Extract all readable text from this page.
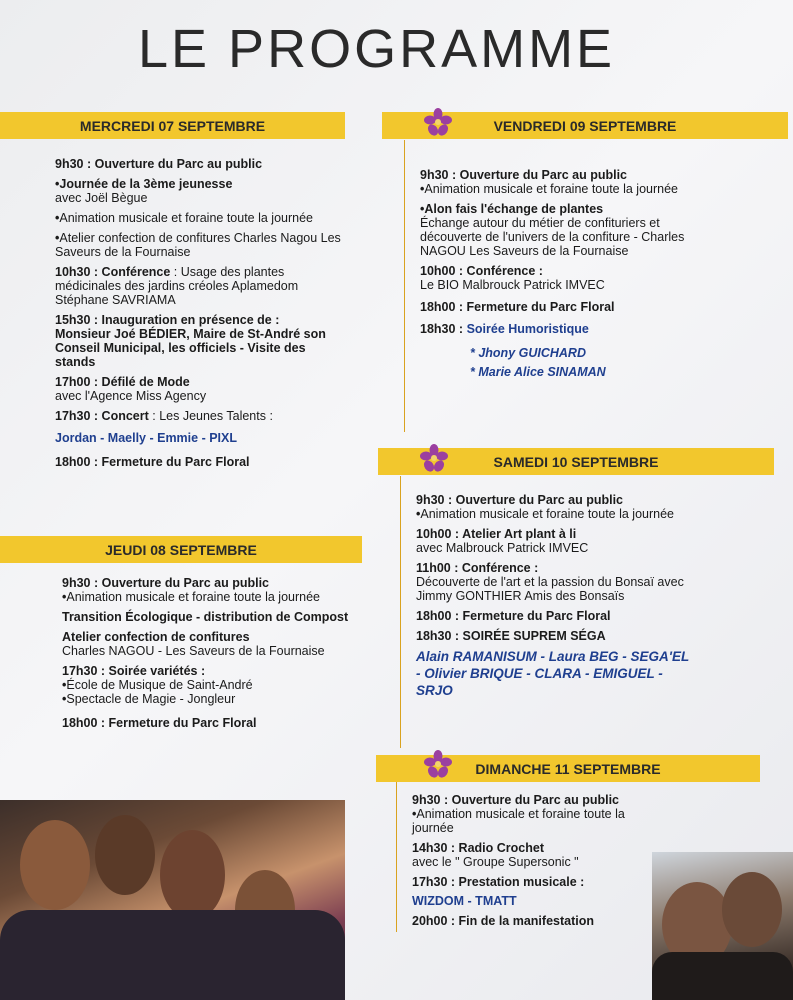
LE PROGRAMME
MERCREDI 07 SEPTEMBRE
9h30 : Ouverture du Parc au public
• Journée de la 3ème jeunesse
avec Joël Bègue
• Animation musicale et foraine toute la journée
• Atelier confection de confitures Charles Nagou Les Saveurs de la Fournaise
10h30 : Conférence : Usage des plantes médicinales des jardins créoles Aplamedom Stéphane SAVRIAMA
15h30 : Inauguration en présence de :
Monsieur Joé BÉDIER, Maire de St-André son Conseil Municipal, les officiels - Visite des stands
17h00 : Défilé de Mode
avec l'Agence Miss Agency
17h30 : Concert : Les Jeunes Talents :
Jordan - Maelly - Emmie - PIXL
18h00 : Fermeture du Parc Floral
JEUDI 08 SEPTEMBRE
9h30 : Ouverture du Parc au public
• Animation musicale et foraine toute la journée
Transition Écologique - distribution de Compost
Atelier confection de confitures
Charles NAGOU - Les Saveurs de la Fournaise
17h30 : Soirée variétés :
• École de Musique de Saint-André
• Spectacle de Magie - Jongleur
18h00 : Fermeture du Parc Floral
VENDREDI 09 SEPTEMBRE
9h30 : Ouverture du Parc au public
• Animation musicale et foraine toute la journée
• Alon fais l'échange de plantes
Échange autour du métier de confituriers et découverte de l'univers de la confiture - Charles NAGOU Les Saveurs de la Fournaise
10h00 : Conférence :
Le BIO Malbrouck Patrick IMVEC
18h00 : Fermeture du Parc Floral
18h30 : Soirée Humoristique
* Jhony GUICHARD
* Marie Alice SINAMAN
SAMEDI 10 SEPTEMBRE
9h30 : Ouverture du Parc au public
• Animation musicale et foraine toute la journée
10h00 : Atelier Art plant à li
avec Malbrouck Patrick IMVEC
11h00 : Conférence :
Découverte de l'art et la passion du Bonsaï avec Jimmy GONTHIER Amis des Bonsaïs
18h00 : Fermeture du Parc Floral
18h30 : SOIRÉE SUPREM SÉGA
Alain RAMANISUM - Laura BEG - SEGA'EL - Olivier BRIQUE - CLARA - EMIGUEL - SRJO
DIMANCHE 11 SEPTEMBRE
9h30 : Ouverture du Parc au public
• Animation musicale et foraine toute la journée
14h30 : Radio Crochet
avec le " Groupe Supersonic "
17h30 : Prestation musicale :
WIZDOM - TMATT
20h00 : Fin de la manifestation
